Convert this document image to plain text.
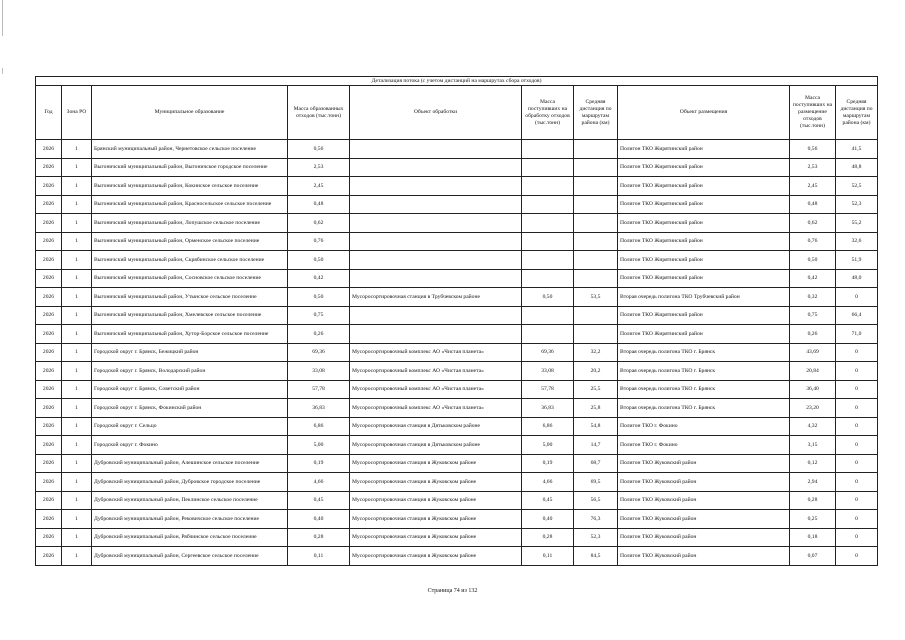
Детализация потока (с учетом дистанций на маршрутах сбора отходов)									
Год	Зона РО	Муниципальное образование	Масса образованных отходов (тыс.тонн)	Объект обработки	Масса поступивших на обработку отходов (тыс.тонн)	Средняя дистанция по маршрутам района (км)	Объект размещения	Масса поступивших на размещение отходов (тыс.тонн)	Средняя дистанция по маршрутам района (км)
2026	1	Брянский муниципальный район, Чернетовское сельское поселение	0,56				Полигон ТКО Жирятинский район	0,56	41,5
2026	1	Выгоничский муниципальный район, Выгоничское городское поселение	2,53				Полигон ТКО Жирятинский район	2,53	48,8
2026	1	Выгоничский муниципальный район, Кокинское сельское поселение	2,45				Полигон ТКО Жирятинский район	2,45	52,5
2026	1	Выгоничский муниципальный район, Красносельское сельское поселение	0,48				Полигон ТКО Жирятинский район	0,48	52,3
2026	1	Выгоничский муниципальный район, Лопушское сельское поселение	0,62				Полигон ТКО Жирятинский район	0,62	55,2
2026	1	Выгоничский муниципальный район, Орменское сельское поселение	0,76				Полигон ТКО Жирятинский район	0,76	32,6
2026	1	Выгоничский муниципальный район, Скрябинское сельское поселение	0,50				Полигон ТКО Жирятинский район	0,50	51,9
2026	1	Выгоничский муниципальный район, Сосновское сельское поселение	0,42				Полигон ТКО Жирятинский район	0,42	48,0
2026	1	Выгоничский муниципальный район, Утынское сельское поселение	0,50	Мусоросортировочная станция в Трубчевском районе	0,50	53,5	Вторая очередь полигона ТКО Трубчевский район	0,32	0
2026	1	Выгоничский муниципальный район, Хмелевское сельское поселение	0,75				Полигон ТКО Жирятинский район	0,75	66,4
2026	1	Выгоничский муниципальный район, Хутор-Борское сельское поселение	0,26				Полигон ТКО Жирятинский район	0,26	71,0
2026	1	Городской округ г. Брянск, Бежицкий район	69,36	Мусоросортировочный комплекс АО «Чистая планета»	69,36	32,2	Вторая очередь полигона ТКО г. Брянск	43,69	0
2026	1	Городской округ г. Брянск, Володарский район	33,08	Мусоросортировочный комплекс АО «Чистая планета»	33,08	20,2	Вторая очередь полигона ТКО г. Брянск	20,84	0
2026	1	Городской округ г. Брянск, Советский район	57,78	Мусоросортировочный комплекс АО «Чистая планета»	57,78	25,5	Вторая очередь полигона ТКО г. Брянск	36,40	0
2026	1	Городской округ г. Брянск, Фокинский район	36,83	Мусоросортировочный комплекс АО «Чистая планета»	36,83	25,8	Вторая очередь полигона ТКО г. Брянск	23,20	0
2026	1	Городской округ г. Сельцо	6,86	Мусоросортировочная станция в Дятьковском районе	6,86	54,8	Полигон ТКО г. Фокино	4,32	0
2026	1	Городской округ г. Фокино	5,00	Мусоросортировочная станция в Дятьковском районе	5,00	14,7	Полигон ТКО г. Фокино	3,15	0
2026	1	Дубровский муниципальный район, Алешинское сельское поселение	0,19	Мусоросортировочная станция в Жуковском районе	0,19	68,7	Полигон ТКО Жуковский район	0,12	0
2026	1	Дубровский муниципальный район, Дубровское городское поселение	4,66	Мусоросортировочная станция в Жуковском районе	4,66	69,5	Полигон ТКО Жуковский район	2,94	0
2026	1	Дубровский муниципальный район, Пеклинское сельское поселение	0,45	Мусоросортировочная станция в Жуковском районе	0,45	56,5	Полигон ТКО Жуковский район	0,28	0
2026	1	Дубровский муниципальный район, Рековичское сельское поселение	0,40	Мусоросортировочная станция в Жуковском районе	0,40	76,3	Полигон ТКО Жуковский район	0,25	0
2026	1	Дубровский муниципальный район, Рябчинское сельское поселение	0,28	Мусоросортировочная станция в Жуковском районе	0,28	52,3	Полигон ТКО Жуковский район	0,18	0
2026	1	Дубровский муниципальный район, Сергеевское сельское поселение	0,11	Мусоросортировочная станция в Жуковском районе	0,11	84,5	Полигон ТКО Жуковский район	0,07	0
Страница 74 из 132
